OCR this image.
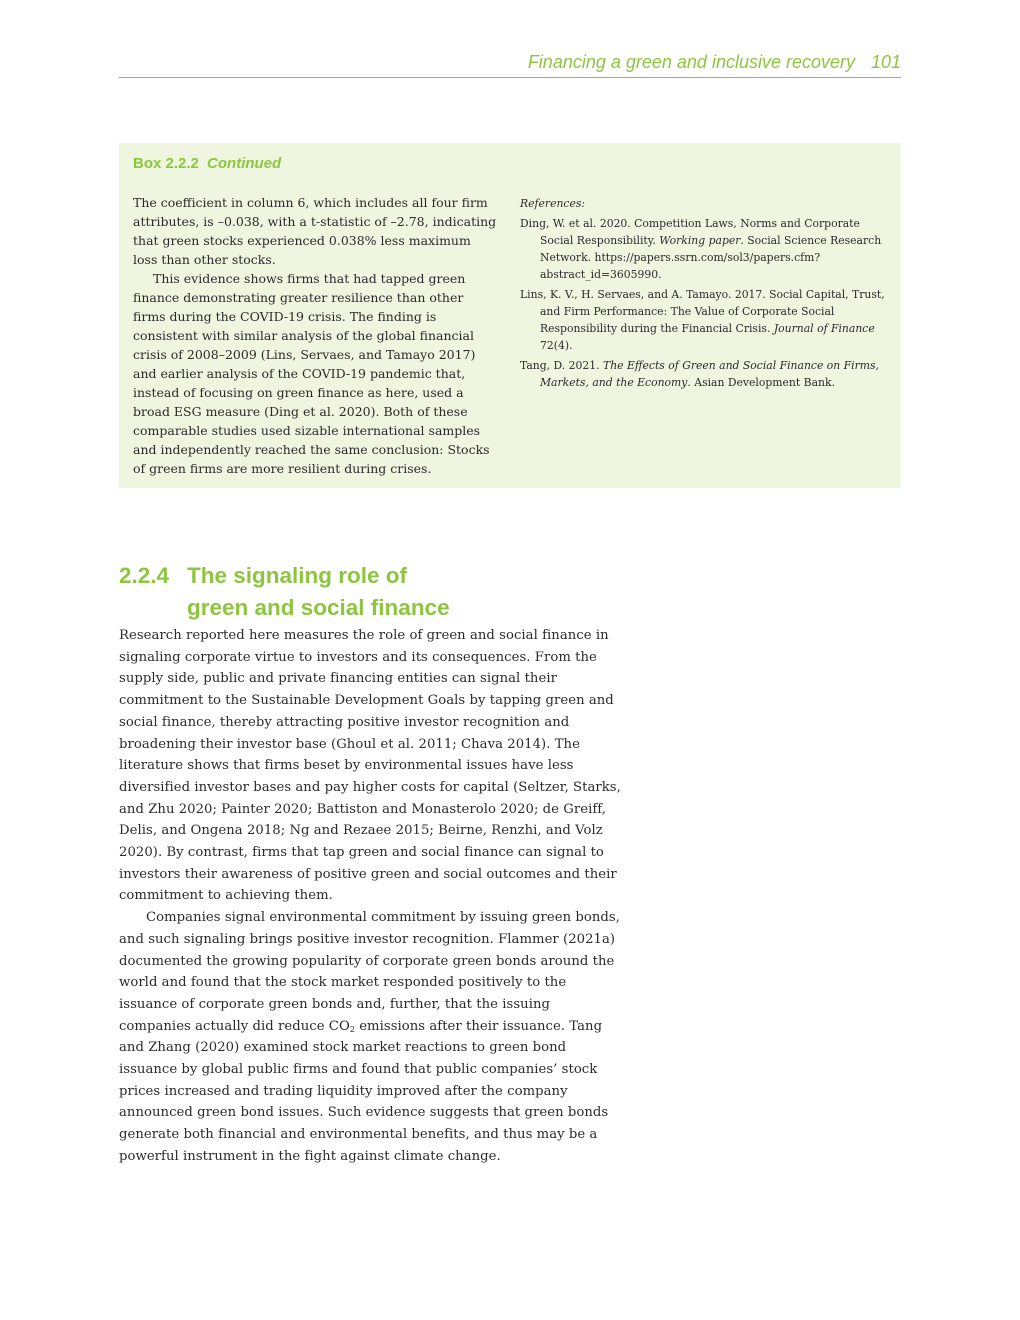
Financing a green and inclusive recovery 101
Box 2.2.2 Continued

The coefficient in column 6, which includes all four firm attributes, is –0.038, with a t-statistic of –2.78, indicating that green stocks experienced 0.038% less maximum loss than other stocks.

This evidence shows firms that had tapped green finance demonstrating greater resilience than other firms during the COVID-19 crisis. The finding is consistent with similar analysis of the global financial crisis of 2008–2009 (Lins, Servaes, and Tamayo 2017) and earlier analysis of the COVID-19 pandemic that, instead of focusing on green finance as here, used a broad ESG measure (Ding et al. 2020). Both of these comparable studies used sizable international samples and independently reached the same conclusion: Stocks of green firms are more resilient during crises.

References:
Ding, W. et al. 2020. Competition Laws, Norms and Corporate Social Responsibility. Working paper. Social Science Research Network. https://papers.ssrn.com/sol3/papers.cfm?abstract_id=3605990.
Lins, K. V., H. Servaes, and A. Tamayo. 2017. Social Capital, Trust, and Firm Performance: The Value of Corporate Social Responsibility during the Financial Crisis. Journal of Finance 72(4).
Tang, D. 2021. The Effects of Green and Social Finance on Firms, Markets, and the Economy. Asian Development Bank.
2.2.4 The signaling role of
green and social finance

Research reported here measures the role of green and social finance in signaling corporate virtue to investors and its consequences. From the supply side, public and private financing entities can signal their commitment to the Sustainable Development Goals by tapping green and social finance, thereby attracting positive investor recognition and broadening their investor base (Ghoul et al. 2011; Chava 2014). The literature shows that firms beset by environmental issues have less diversified investor bases and pay higher costs for capital (Seltzer, Starks, and Zhu 2020; Painter 2020; Battiston and Monasterolo 2020; de Greiff, Delis, and Ongena 2018; Ng and Rezaee 2015; Beirne, Renzhi, and Volz 2020). By contrast, firms that tap green and social finance can signal to investors their awareness of positive green and social outcomes and their commitment to achieving them.

Companies signal environmental commitment by issuing green bonds, and such signaling brings positive investor recognition. Flammer (2021a) documented the growing popularity of corporate green bonds around the world and found that the stock market responded positively to the issuance of corporate green bonds and, further, that the issuing companies actually did reduce $CO_2$ emissions after their issuance. Tang and Zhang (2020) examined stock market reactions to green bond issuance by global public firms and found that public companies’ stock prices increased and trading liquidity improved after the company announced green bond issues. Such evidence suggests that green bonds generate both financial and environmental benefits, and thus may be a powerful instrument in the fight against climate change.
